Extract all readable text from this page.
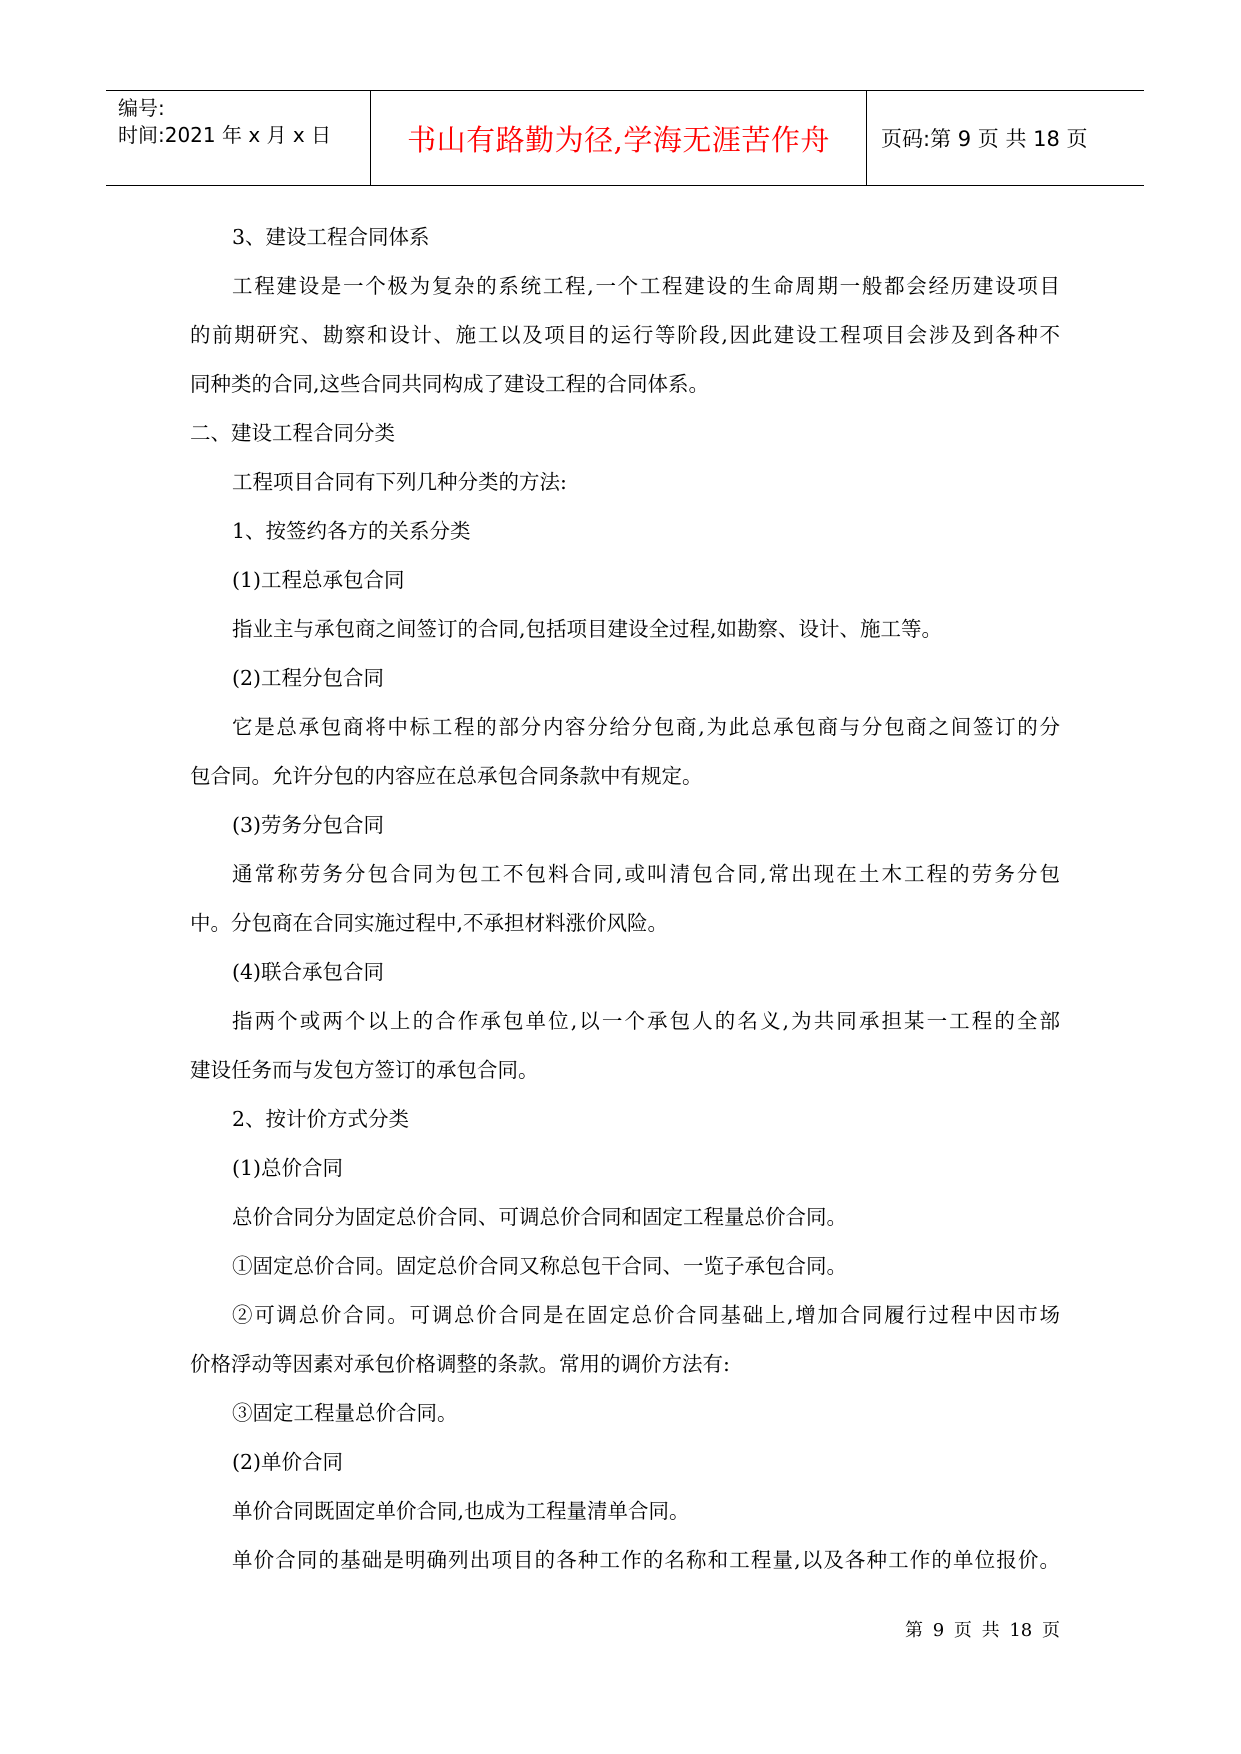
编号:
时间:2021 年 x 月 x 日	书山有路勤为径,学海无涯苦作舟 页码:第 9 页 共 18 页
3、建设工程合同体系
工程建设是一个极为复杂的系统工程,一个工程建设的生命周期一般都会经历建设项目
的前期研究、勘察和设计、施工以及项目的运行等阶段,因此建设工程项目会涉及到各种不
同种类的合同,这些合同共同构成了建设工程的合同体系。
二、建设工程合同分类
工程项目合同有下列几种分类的方法:
1、按签约各方的关系分类
(1)工程总承包合同
指业主与承包商之间签订的合同,包括项目建设全过程,如勘察、设计、施工等。
(2)工程分包合同
它是总承包商将中标工程的部分内容分给分包商,为此总承包商与分包商之间签订的分
包合同。允许分包的内容应在总承包合同条款中有规定。
(3)劳务分包合同
通常称劳务分包合同为包工不包料合同,或叫清包合同,常出现在土木工程的劳务分包
中。分包商在合同实施过程中,不承担材料涨价风险。
(4)联合承包合同
指两个或两个以上的合作承包单位,以一个承包人的名义,为共同承担某一工程的全部
建设任务而与发包方签订的承包合同。
2、按计价方式分类
(1)总价合同
总价合同分为固定总价合同、可调总价合同和固定工程量总价合同。
①固定总价合同。固定总价合同又称总包干合同、一览子承包合同。
②可调总价合同。可调总价合同是在固定总价合同基础上,增加合同履行过程中因市场
价格浮动等因素对承包价格调整的条款。常用的调价方法有:
③固定工程量总价合同。
(2)单价合同
单价合同既固定单价合同,也成为工程量清单合同。
单价合同的基础是明确列出项目的各种工作的名称和工程量,以及各种工作的单位报价。
第 9 页 共 18 页
